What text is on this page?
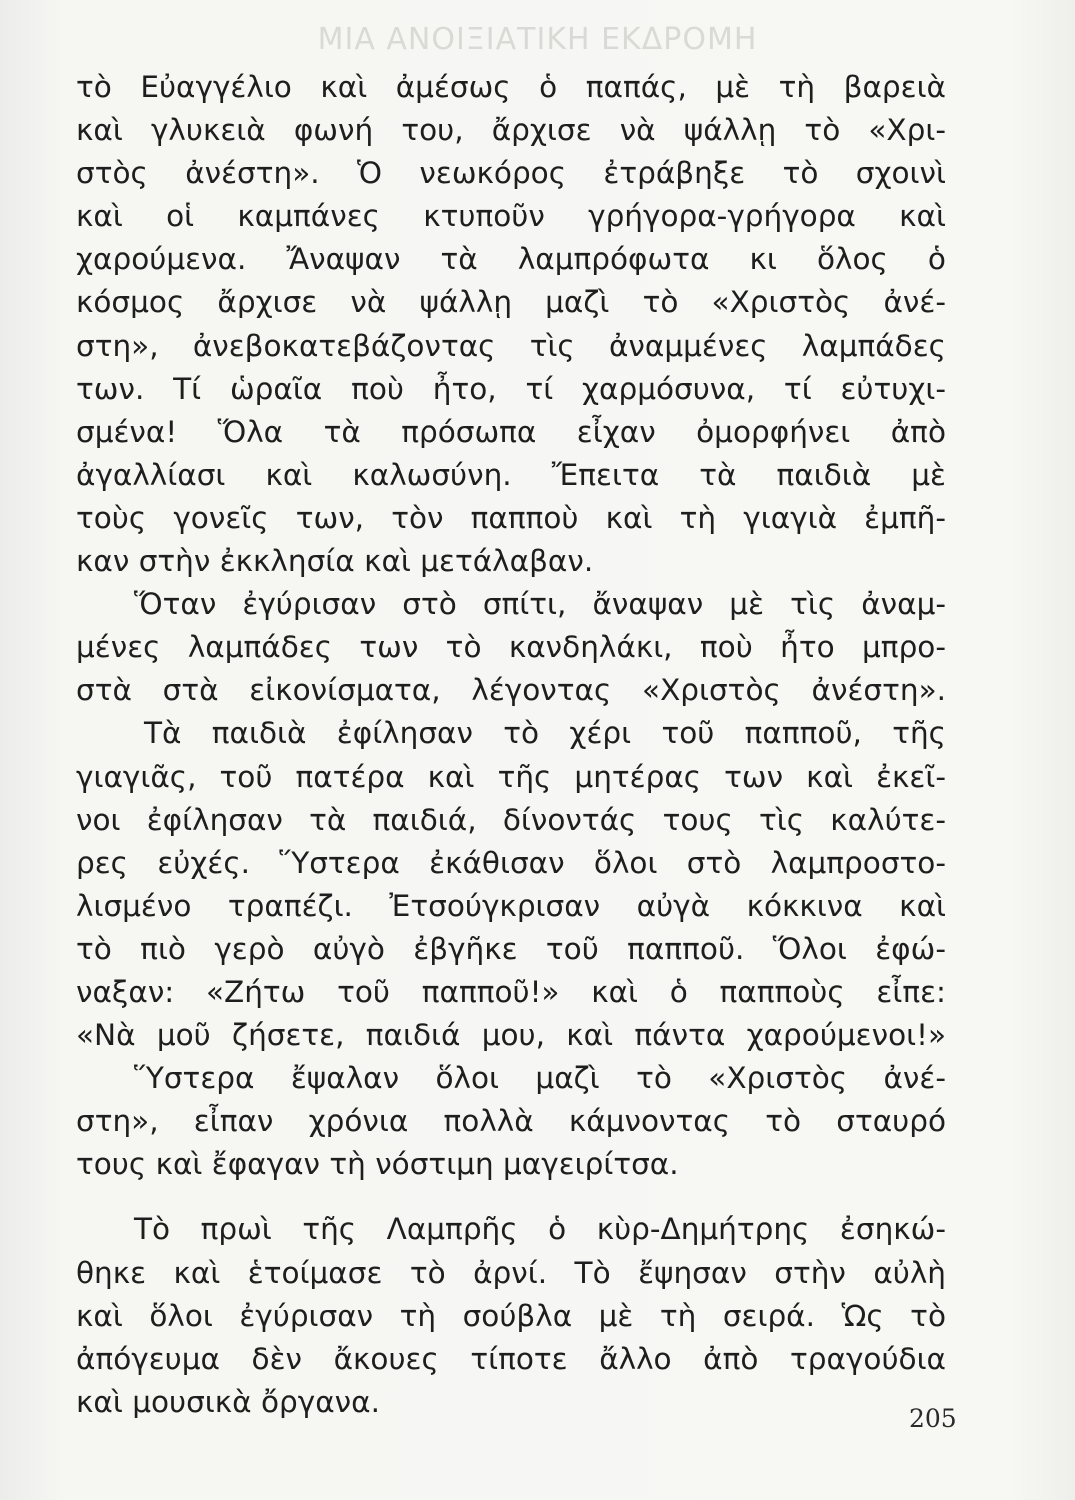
ΜΙΑ ΑΝΟΙΞΙΑΤΙΚΗ ΕΚΔΡΟΜΗ
τὸ Εὐαγγέλιο καὶ ἀμέσως ὁ παπάς, μὲ τὴ βαρειὰ
καὶ γλυκειὰ φωνή του, ἄρχισε νὰ ψάλλῃ τὸ «Χρι-
στὸς ἀνέστη». Ὁ νεωκόρος ἐτράβηξε τὸ σχοινὶ
καὶ οἱ καμπάνες κτυποῦν γρήγορα-γρήγορα καὶ
χαρούμενα. Ἄναψαν τὰ λαμπρόφωτα κι ὅλος ὁ
κόσμος ἄρχισε νὰ ψάλλῃ μαζὶ τὸ «Χριστὸς ἀνέ-
στη», ἀνεβοκατεβάζοντας τὶς ἀναμμένες λαμπάδες
των. Τί ὡραῖα ποὺ ἦτο, τί χαρμόσυνα, τί εὐτυχι-
σμένα! Ὅλα τὰ πρόσωπα εἶχαν ὀμορφήνει ἀπὸ
ἀγαλλίασι καὶ καλωσύνη. Ἔπειτα τὰ παιδιὰ μὲ
τοὺς γονεῖς των, τὸν παπποὺ καὶ τὴ γιαγιὰ ἐμπῆ-
καν στὴν ἐκκλησία καὶ μετάλαβαν.
Ὅταν ἐγύρισαν στὸ σπίτι, ἄναψαν μὲ τὶς ἀναμ-
μένες λαμπάδες των τὸ κανδηλάκι, ποὺ ἦτο μπρο-
στὰ στὰ εἰκονίσματα, λέγοντας «Χριστὸς ἀνέστη».
Τὰ παιδιὰ ἐφίλησαν τὸ χέρι τοῦ παπποῦ, τῆς
γιαγιᾶς, τοῦ πατέρα καὶ τῆς μητέρας των καὶ ἐκεῖ-
νοι ἐφίλησαν τὰ παιδιά, δίνοντάς τους τὶς καλύτε-
ρες εὐχές. Ὕστερα ἐκάθισαν ὅλοι στὸ λαμπροστο-
λισμένο τραπέζι. Ἐτσούγκρισαν αὐγὰ κόκκινα καὶ
τὸ πιὸ γερὸ αὐγὸ ἐβγῆκε τοῦ παπποῦ. Ὅλοι ἐφώ-
ναξαν: «Ζήτω τοῦ παπποῦ!» καὶ ὁ παπποὺς εἶπε:
«Νὰ μοῦ ζήσετε, παιδιά μου, καὶ πάντα χαρούμενοι!»
Ὕστερα ἔψαλαν ὅλοι μαζὶ τὸ «Χριστὸς ἀνέ-
στη», εἶπαν χρόνια πολλὰ κάμνοντας τὸ σταυρό
τους καὶ ἔφαγαν τὴ νόστιμη μαγειρίτσα.
Τὸ πρωὶ τῆς Λαμπρῆς ὁ κὺρ-Δημήτρης ἐσηκώ-
θηκε καὶ ἑτοίμασε τὸ ἀρνί. Τὸ ἔψησαν στὴν αὐλὴ
καὶ ὅλοι ἐγύρισαν τὴ σούβλα μὲ τὴ σειρά. Ὡς τὸ
ἀπόγευμα δὲν ἄκουες τίποτε ἄλλο ἀπὸ τραγούδια
καὶ μουσικὰ ὄργανα.	205
